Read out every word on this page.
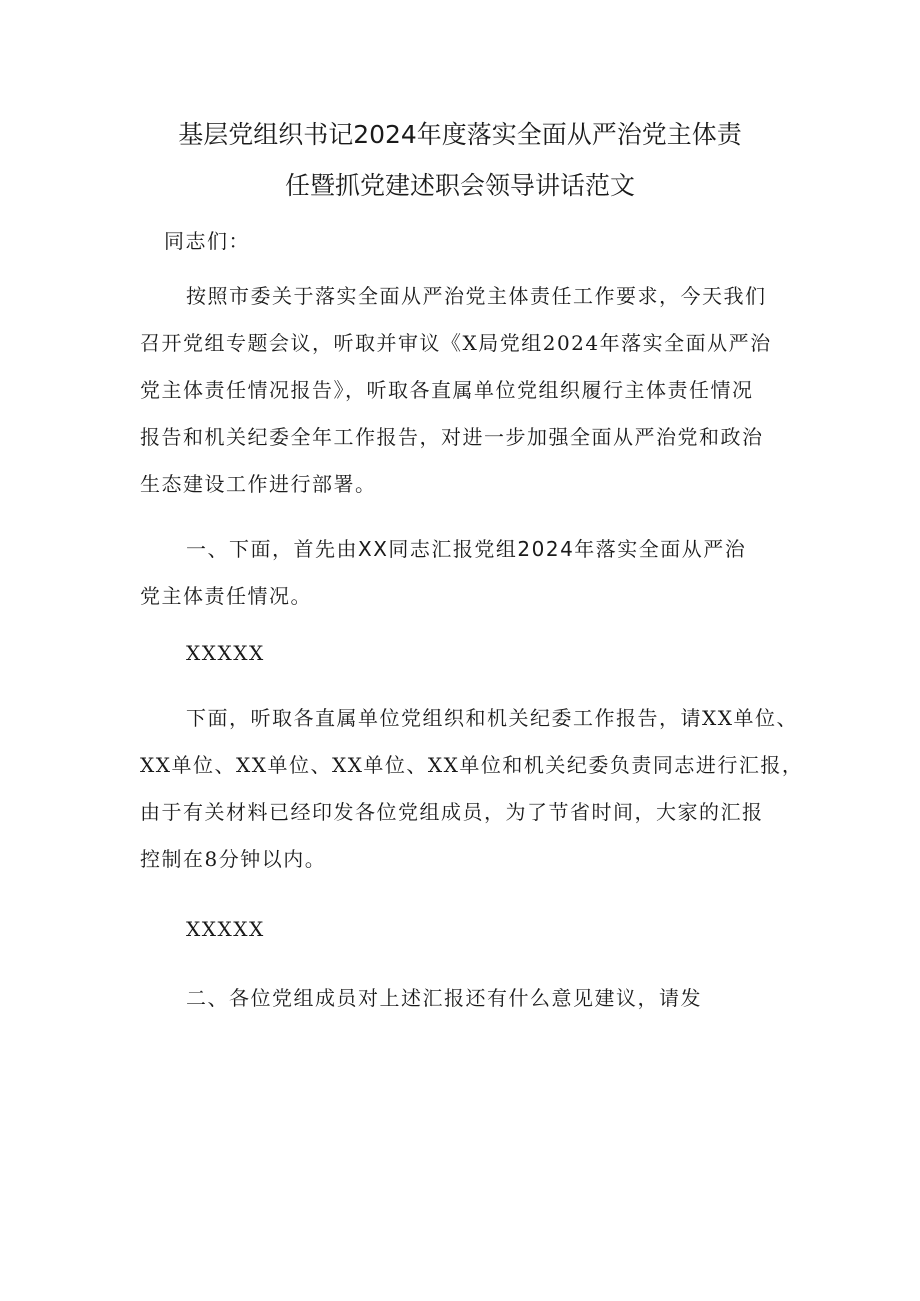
基层党组织书记2024年度落实全面从严治党主体责
任暨抓党建述职会领导讲话范文

同志们：

按照市委关于落实全面从严治党主体责任工作要求，今天我们
召开党组专题会议，听取并审议《X局党组2024年落实全面从严治
党主体责任情况报告》，听取各直属单位党组织履行主体责任情况
报告和机关纪委全年工作报告，对进一步加强全面从严治党和政治
生态建设工作进行部署。
一、下面，首先由XX同志汇报党组2024年落实全面从严治
党主体责任情况。

XXXXX

下面，听取各直属单位党组织和机关纪委工作报告，请XX单位、
XX单位、XX单位、XX单位、XX单位和机关纪委负责同志进行汇报，
由于有关材料已经印发各位党组成员，为了节省时间，大家的汇报
控制在8分钟以内。

XXXXX

二、各位党组成员对上述汇报还有什么意见建议，请发
